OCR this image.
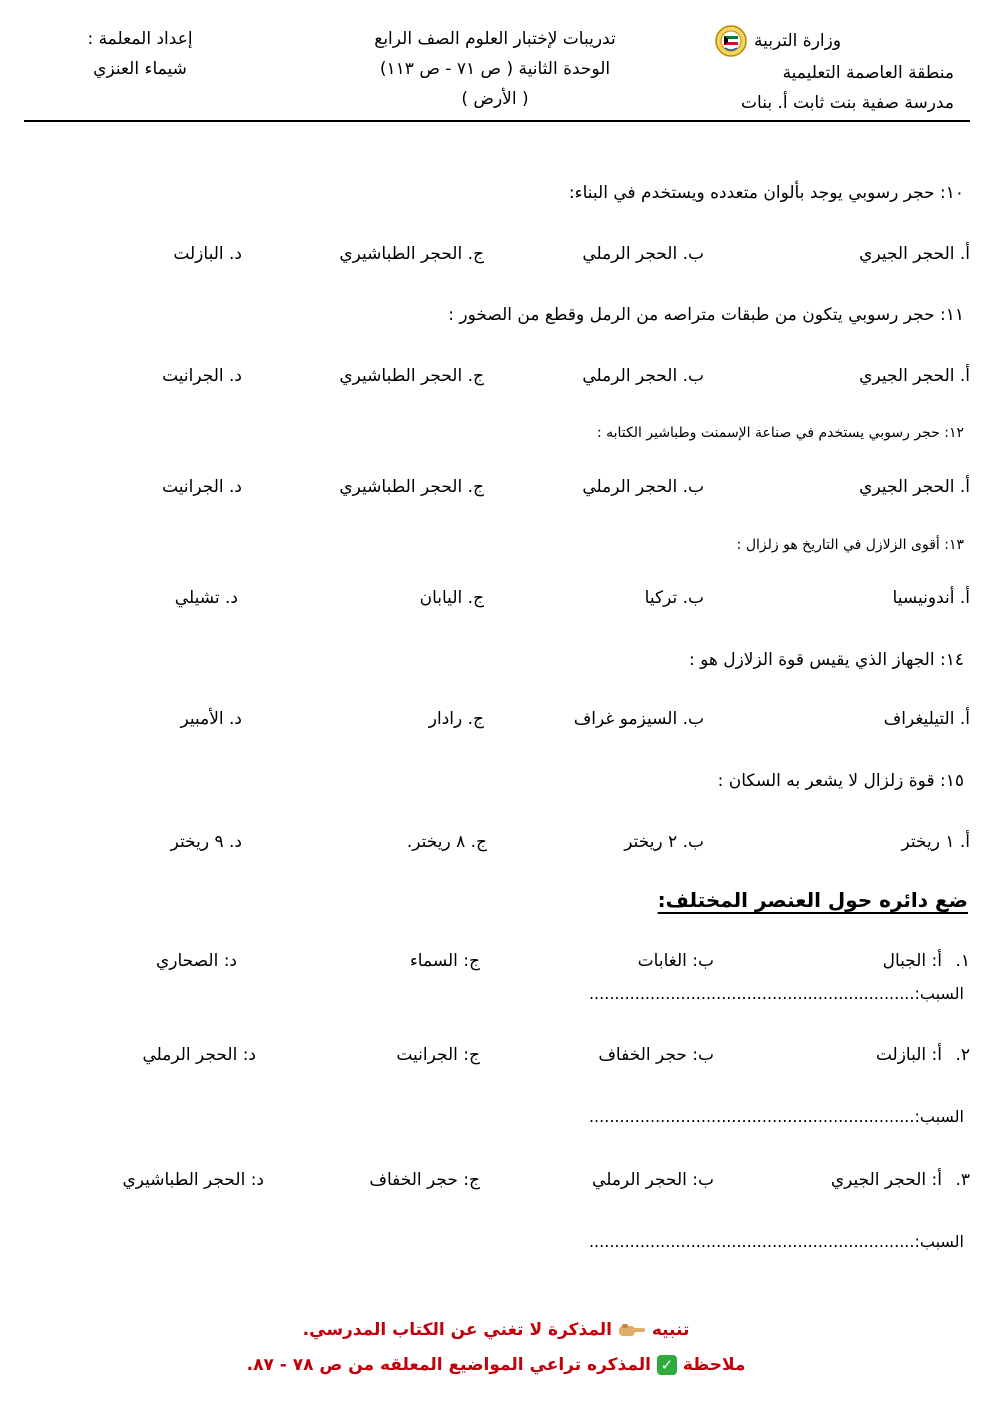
وزارة التربية
منطقة العاصمة التعليمية
مدرسة صفية بنت ثابت أ. بنات
تدريبات لإختبار العلوم الصف الرابع
الوحدة الثانية ( ص ٧١ - ص ١١٣)
( الأرض )
إعداد المعلمة :
شيماء العنزي
١٠: حجر رسوبي يوجد بألوان متعدده ويستخدم في البناء:
أ. الحجر الجيري
ب. الحجر الرملي
ج. الحجر الطباشيري
د. البازلت
١١: حجر رسوبي يتكون من طبقات متراصه من الرمل وقطع من الصخور :
أ. الحجر الجيري
ب. الحجر الرملي
ج. الحجر الطباشيري
د. الجرانيت
١٢: حجر رسوبي يستخدم في صناعة الإسمنت وطباشير الكتابه :
أ. الحجر الجيري
ب. الحجر الرملي
ج. الحجر الطباشيري
د. الجرانيت
١٣: أقوى الزلازل في التاريخ هو زلزال :
أ. أندونيسيا
ب. تركيا
ج. اليابان
د. تشيلي
١٤: الجهاز الذي يقيس قوة الزلازل هو :
أ. التيليغراف
ب. السيزمو غراف
ج. رادار
د. الأمبير
١٥: قوة زلزال لا يشعر به السكان :
أ. ١ ريختر
ب. ٢ ريختر
ج. ٨ ريختر.
د. ٩ ريختر
ضع دائره حول العنصر المختلف:
١.
أ: الجبال
ب: الغابات
ج: السماء
د: الصحاري
السبب:................................................................
٢.
أ: البازلت
ب: حجر الخفاف
ج: الجرانيت
د: الحجر الرملي
السبب:................................................................
٣.
أ: الحجر الجيري
ب: الحجر الرملي
ج: حجر الخفاف
د: الحجر الطباشيري
السبب:................................................................
تنبيه  المذكرة لا تغني عن الكتاب المدرسي.
ملاحظة ✓ المذكره تراعي المواضيع المعلقه من ص ٧٨ - ٨٧.
